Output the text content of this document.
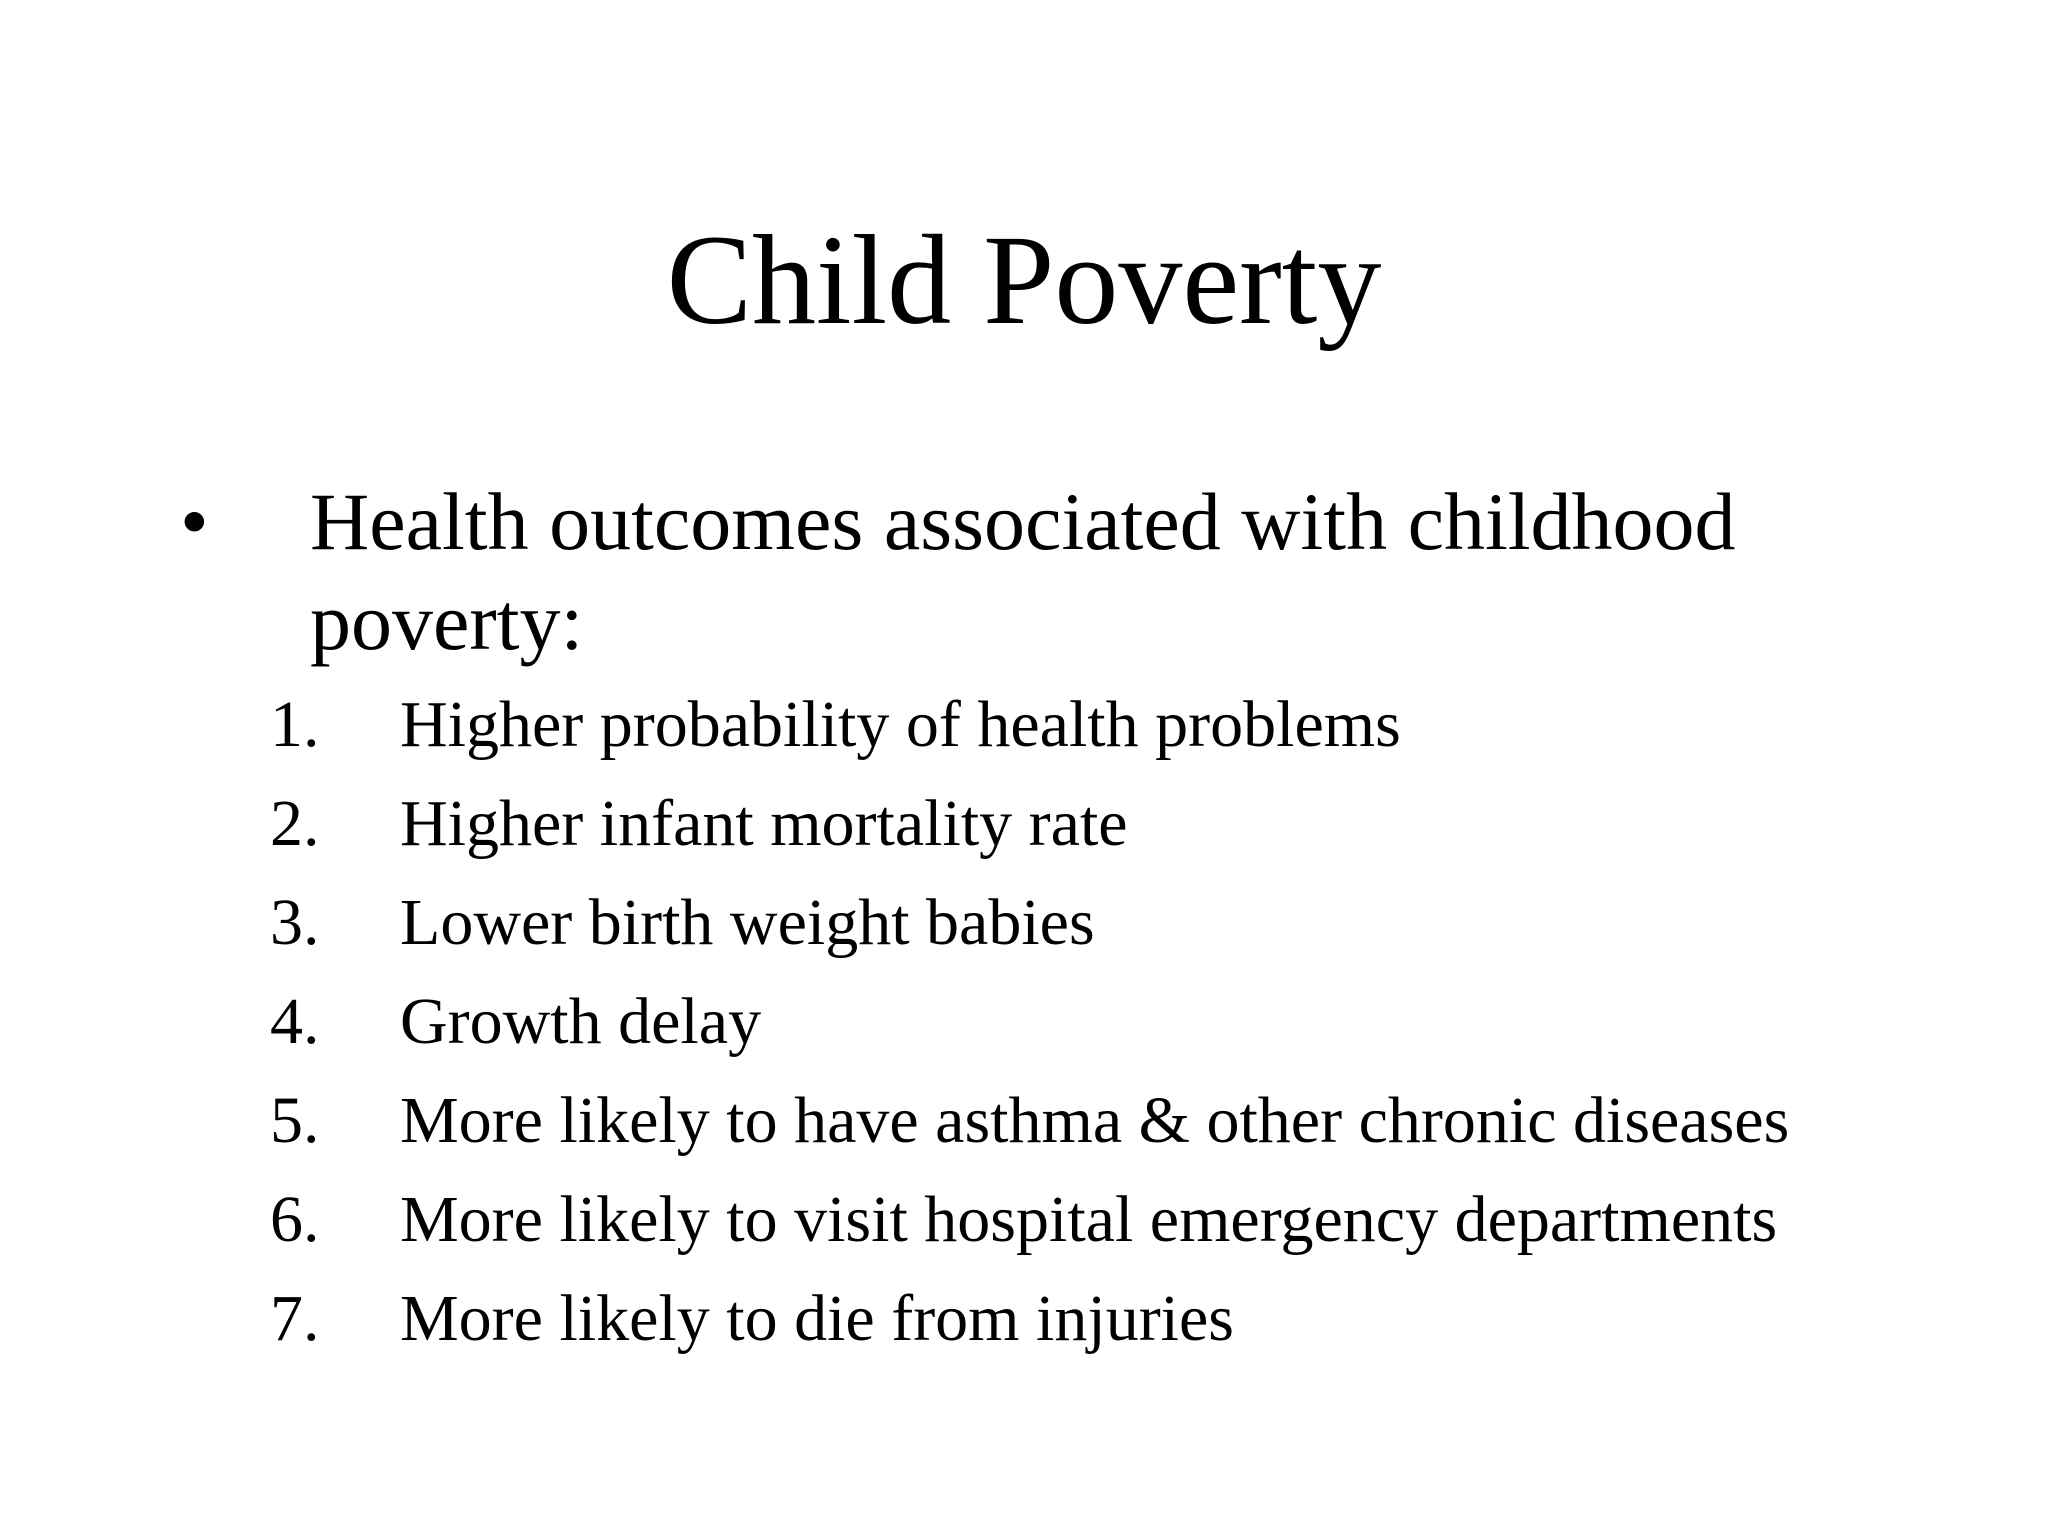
Child Poverty
• Health outcomes associated with childhood poverty:
1.	Higher probability of health problems
2.	Higher infant mortality rate
3.	Lower birth weight babies
4.	Growth delay
5.	More likely to have asthma & other chronic diseases
6.	More likely to visit hospital emergency departments
7.	More likely to die from injuries
